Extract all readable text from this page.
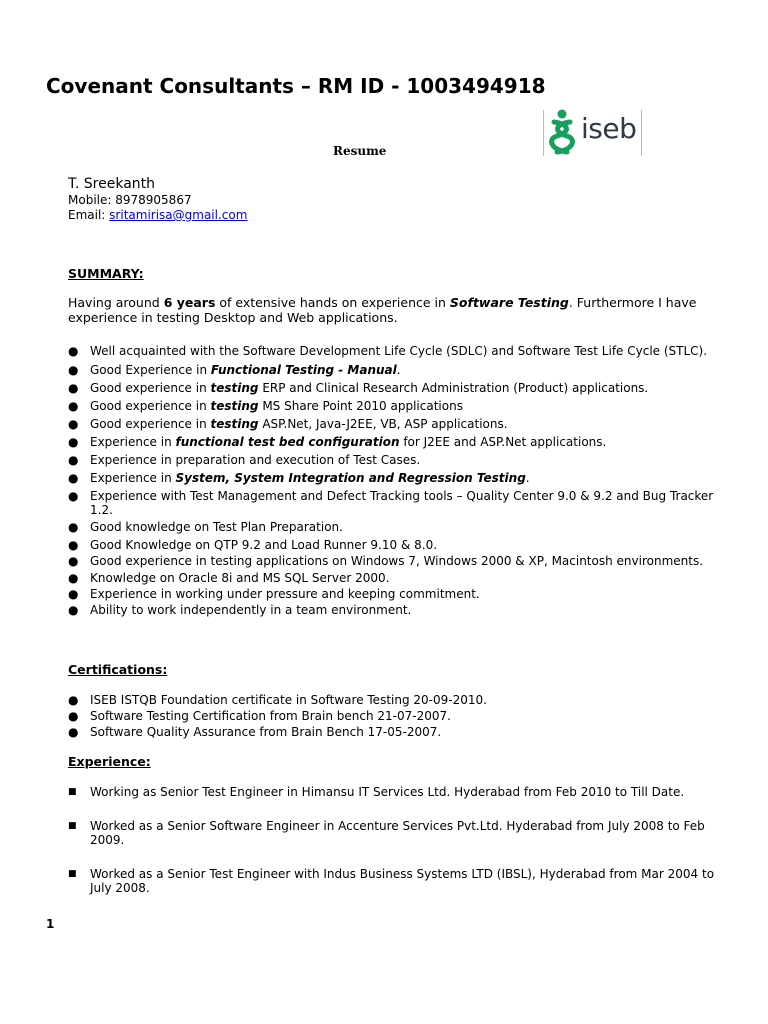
Covenant Consultants – RM ID - 1003494918
iseb
Resume
T. Sreekanth
Mobile: 8978905867
Email: sritamirisa@gmail.com
SUMMARY:
Having around 6 years of extensive hands on experience in Software Testing. Furthermore I have experience in testing Desktop and Web applications.
● Well acquainted with the Software Development Life Cycle (SDLC) and Software Test Life Cycle (STLC).
● Good Experience in Functional Testing - Manual.
● Good experience in testing ERP and Clinical Research Administration (Product) applications.
● Good experience in testing MS Share Point 2010 applications
● Good experience in testing ASP.Net, Java-J2EE, VB, ASP applications.
● Experience in functional test bed configuration for J2EE and ASP.Net applications.
● Experience in preparation and execution of Test Cases.
● Experience in System, System Integration and Regression Testing.
● Experience with Test Management and Defect Tracking tools – Quality Center 9.0 & 9.2 and Bug Tracker 1.2.
● Good knowledge on Test Plan Preparation.
● Good Knowledge on QTP 9.2 and Load Runner 9.10 & 8.0.
● Good experience in testing applications on Windows 7, Windows 2000 & XP, Macintosh environments.
● Knowledge on Oracle 8i and MS SQL Server 2000.
● Experience in working under pressure and keeping commitment.
● Ability to work independently in a team environment.
Certifications:
● ISEB ISTQB Foundation certificate in Software Testing 20-09-2010.
● Software Testing Certification from Brain bench 21-07-2007.
● Software Quality Assurance from Brain Bench 17-05-2007.
Experience:
■ Working as Senior Test Engineer in Himansu IT Services Ltd. Hyderabad from Feb 2010 to Till Date.
■ Worked as a Senior Software Engineer in Accenture Services Pvt.Ltd. Hyderabad from July 2008 to Feb 2009.
■ Worked as a Senior Test Engineer with Indus Business Systems LTD (IBSL), Hyderabad from Mar 2004 to July 2008.
1
